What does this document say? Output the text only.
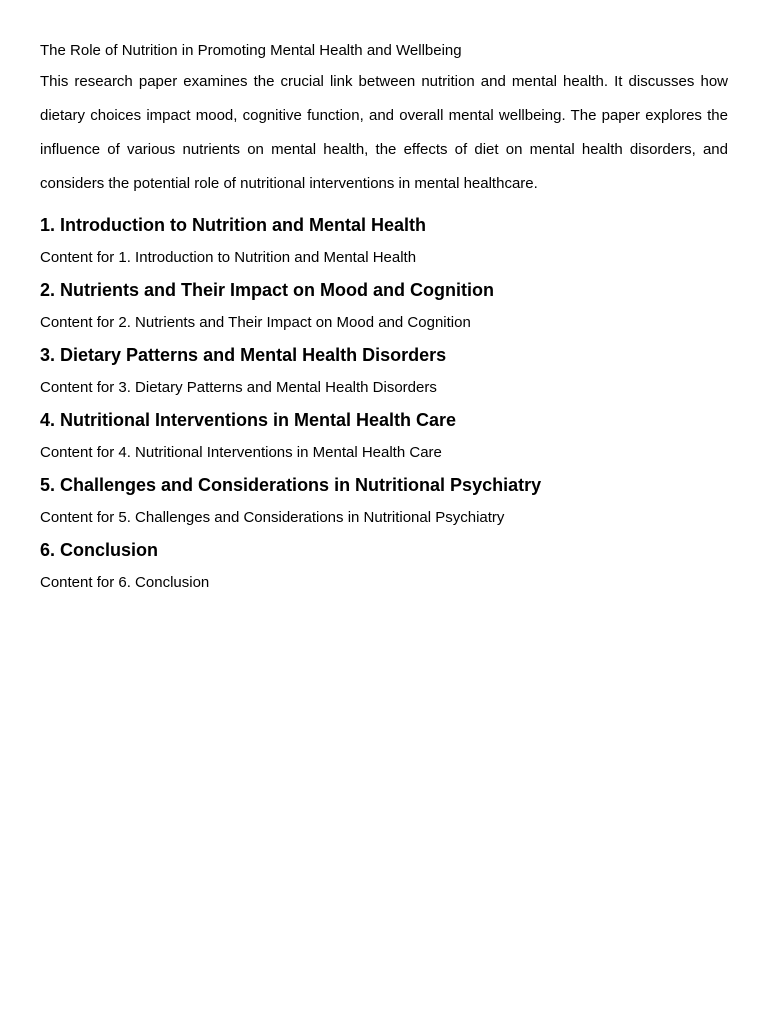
The Role of Nutrition in Promoting Mental Health and Wellbeing

This research paper examines the crucial link between nutrition and mental health. It discusses how dietary choices impact mood, cognitive function, and overall mental wellbeing. The paper explores the influence of various nutrients on mental health, the effects of diet on mental health disorders, and considers the potential role of nutritional interventions in mental healthcare.

1. Introduction to Nutrition and Mental Health

Content for 1. Introduction to Nutrition and Mental Health

2. Nutrients and Their Impact on Mood and Cognition

Content for 2. Nutrients and Their Impact on Mood and Cognition

3. Dietary Patterns and Mental Health Disorders

Content for 3. Dietary Patterns and Mental Health Disorders

4. Nutritional Interventions in Mental Health Care

Content for 4. Nutritional Interventions in Mental Health Care

5. Challenges and Considerations in Nutritional Psychiatry

Content for 5. Challenges and Considerations in Nutritional Psychiatry

6. Conclusion

Content for 6. Conclusion
